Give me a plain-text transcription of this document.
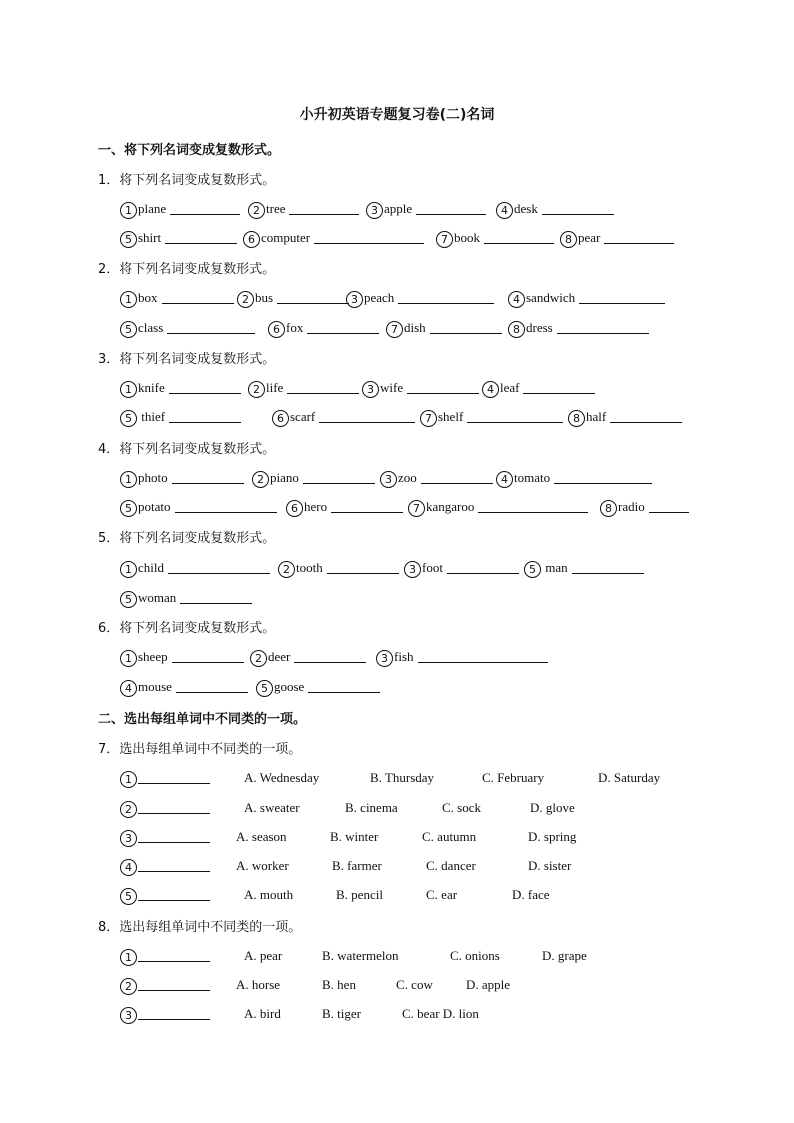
小升初英语专题复习卷(二)名词
一、将下列名词变成复数形式。
1．将下列名词变成复数形式。
1 plane	2 tree	3 apple	4 desk
5 shirt	6 computer	7 book	8 pear
2．将下列名词变成复数形式。
1 box	2 bus	3 peach	4 sandwich
5 class	6 fox	7 dish	8 dress
3．将下列名词变成复数形式。
1 knife	2 life	3 wife	4 leaf
5 thief	6 scarf	7 shelf	8 half
4．将下列名词变成复数形式。
1 photo	2 piano	3 zoo	4 tomato
5 potato	6 hero	7 kangaroo	8 radio
5．将下列名词变成复数形式。
1 child	2 tooth	3 foot	5 man
5 woman
6．将下列名词变成复数形式。
1 sheep	2 deer	3 fish
4 mouse	5 goose
二、选出每组单词中不同类的一项。
7．选出每组单词中不同类的一项。
1	A. Wednesday	B. Thursday	C. February	D. Saturday
2	A. sweater	B. cinema	C. sock	D. glove
3	A. season	B. winter	C. autumn	D. spring
4	A. worker	B. farmer	C. dancer	D. sister
5	A. mouth	B. pencil	C. ear	D. face
8．选出每组单词中不同类的一项。
1	A. pear	B. watermelon	C. onions	D. grape
2	A. horse	B. hen	C. cow	D. apple
3	A. bird	B. tiger	C. bear D. lion
